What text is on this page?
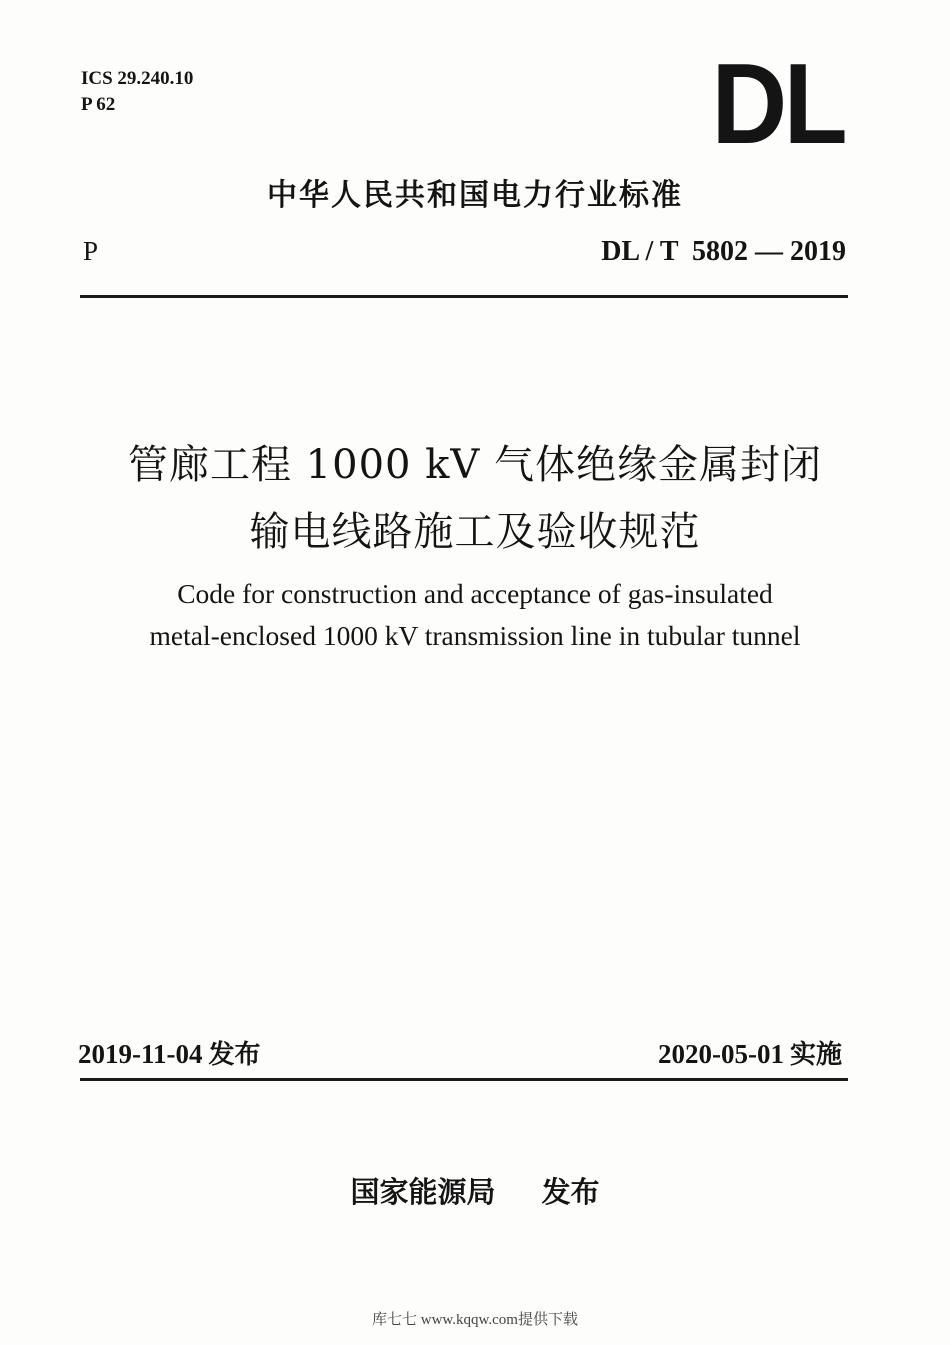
ICS 29.240.10
P 62	DL
中华人民共和国电力行业标准
P	DL / T  5802 — 2019
管廊工程 1000 kV 气体绝缘金属封闭
输电线路施工及验收规范
Code for construction and acceptance of gas-insulated
metal-enclosed 1000 kV transmission line in tubular tunnel
2019-11-04 发布	2020-05-01 实施
国家能源局 发布
库七七 www.kqqw.com提供下载
